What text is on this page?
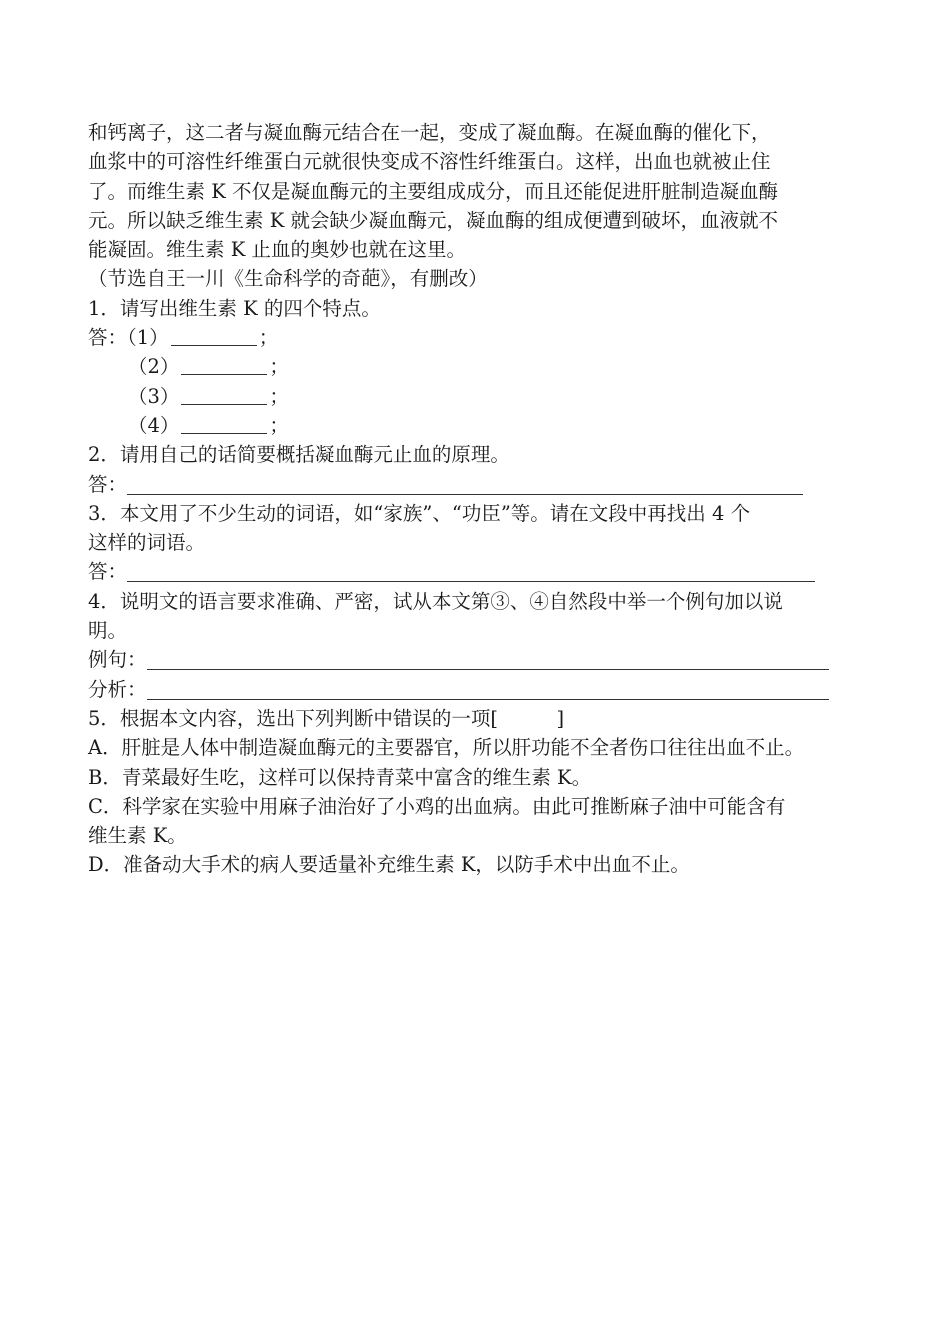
和钙离子，这二者与凝血酶元结合在一起，变成了凝血酶。在凝血酶的催化下，
血浆中的可溶性纤维蛋白元就很快变成不溶性纤维蛋白。这样，出血也就被止住
了。而维生素 K 不仅是凝血酶元的主要组成成分，而且还能促进肝脏制造凝血酶
元。所以缺乏维生素 K 就会缺少凝血酶元，凝血酶的组成便遭到破坏，血液就不
能凝固。维生素 K 止血的奥妙也就在这里。
（节选自王一川《生命科学的奇葩》，有删改）
1．请写出维生素 K 的四个特点。
答：（1）	；
（2）	；
（3）	；
（4）	；
2．请用自己的话简要概括凝血酶元止血的原理。
答：
3．本文用了不少生动的词语，如“家族”、“功臣”等。请在文段中再找出 4 个
这样的词语。
答：
4．说明文的语言要求准确、严密，试从本文第③、④自然段中举一个例句加以说
明。
例句：
分析：
5．根据本文内容，选出下列判断中错误的一项[　　　]
A．肝脏是人体中制造凝血酶元的主要器官，所以肝功能不全者伤口往往出血不止。
B．青菜最好生吃，这样可以保持青菜中富含的维生素 K。
C．科学家在实验中用麻子油治好了小鸡的出血病。由此可推断麻子油中可能含有
维生素 K。
D．准备动大手术的病人要适量补充维生素 K，以防手术中出血不止。
